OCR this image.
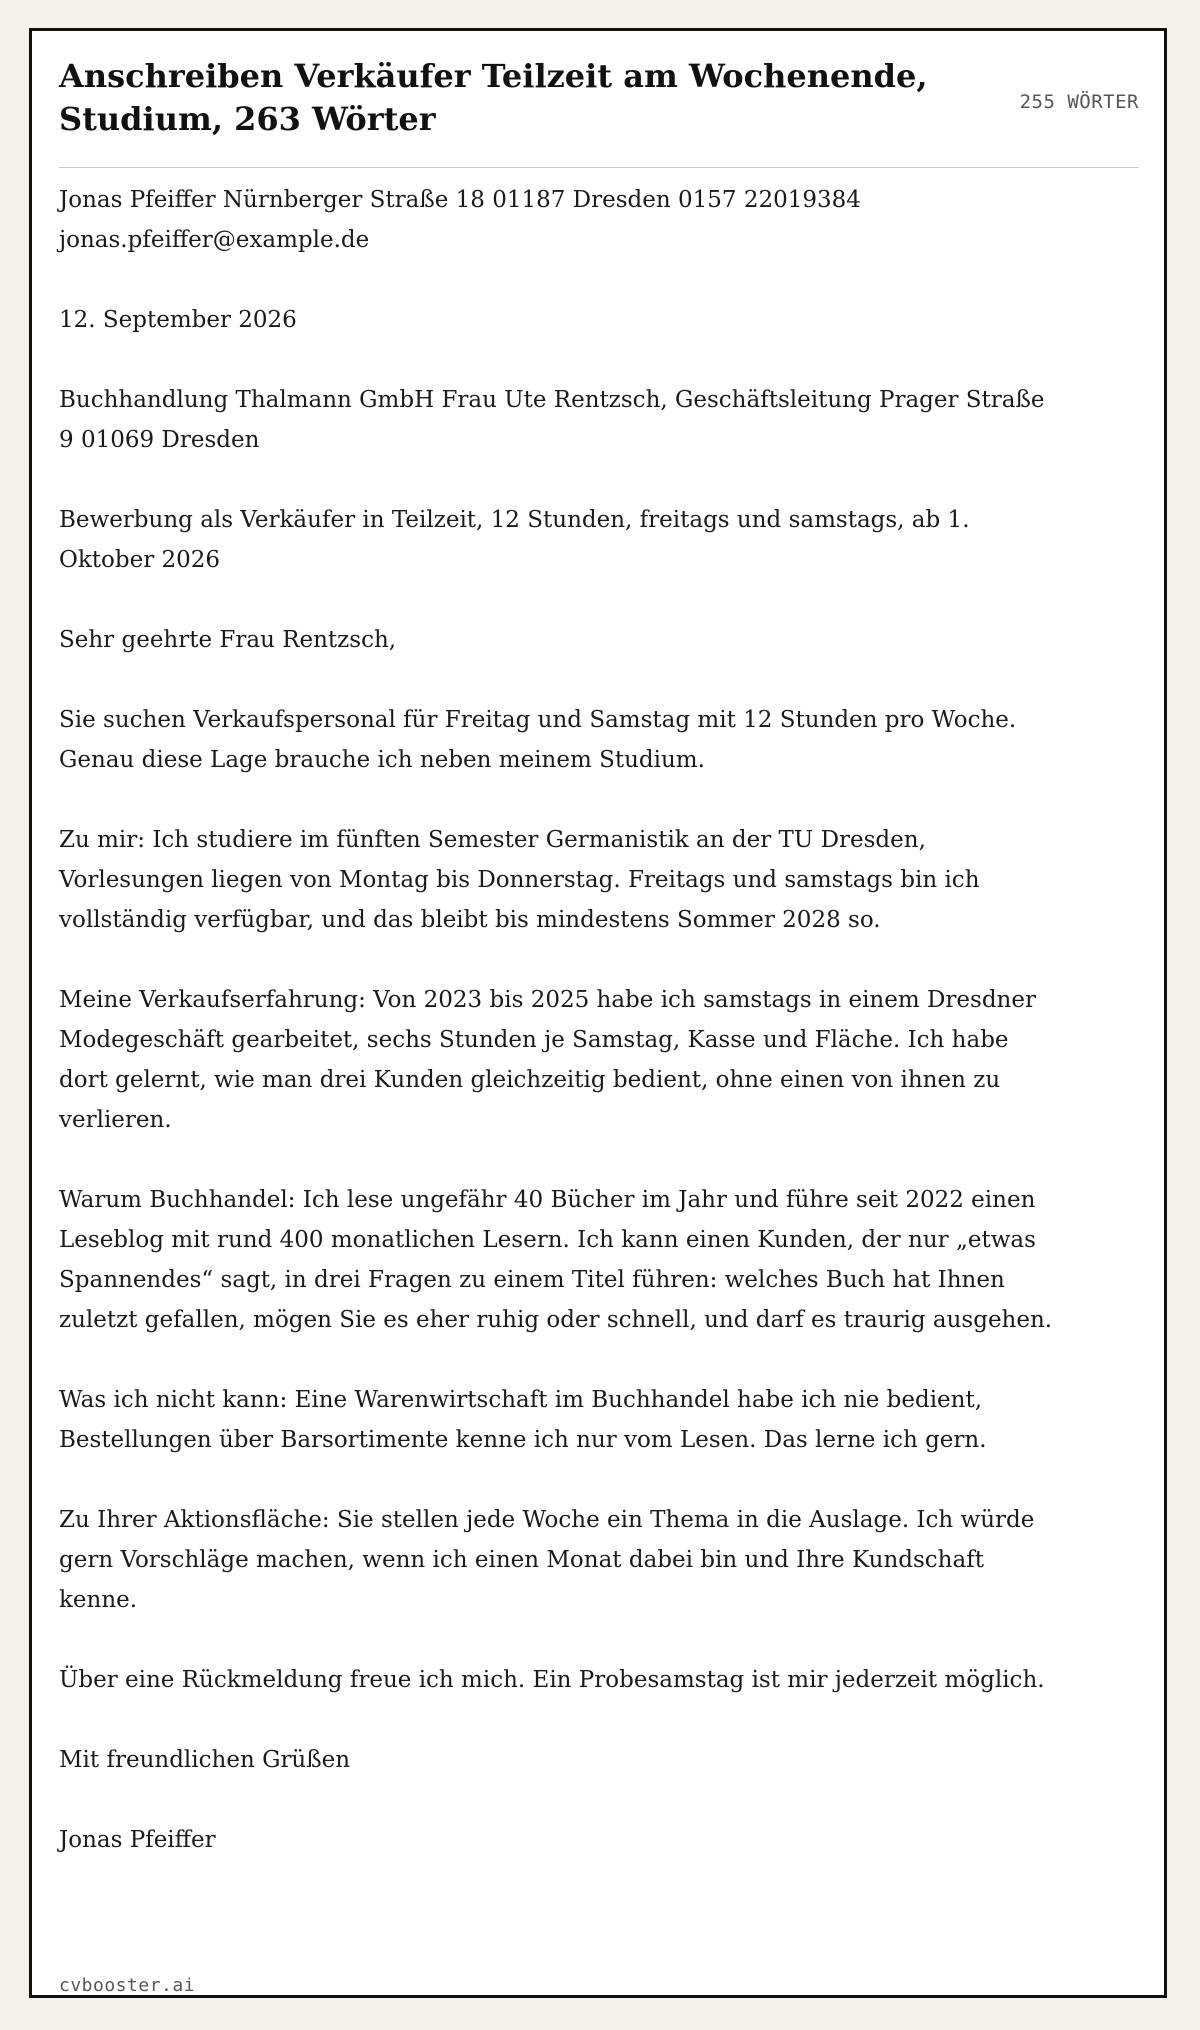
Anschreiben Verkäufer Teilzeit am Wochenende, Studium, 263 Wörter	255 WÖRTER

Jonas Pfeiffer Nürnberger Straße 18 01187 Dresden 0157 22019384 jonas.pfeiffer@example.de

12. September 2026

Buchhandlung Thalmann GmbH Frau Ute Rentzsch, Geschäftsleitung Prager Straße 9 01069 Dresden

Bewerbung als Verkäufer in Teilzeit, 12 Stunden, freitags und samstags, ab 1. Oktober 2026

Sehr geehrte Frau Rentzsch,

Sie suchen Verkaufspersonal für Freitag und Samstag mit 12 Stunden pro Woche. Genau diese Lage brauche ich neben meinem Studium.

Zu mir: Ich studiere im fünften Semester Germanistik an der TU Dresden, Vorlesungen liegen von Montag bis Donnerstag. Freitags und samstags bin ich vollständig verfügbar, und das bleibt bis mindestens Sommer 2028 so.

Meine Verkaufserfahrung: Von 2023 bis 2025 habe ich samstags in einem Dresdner Modegeschäft gearbeitet, sechs Stunden je Samstag, Kasse und Fläche. Ich habe dort gelernt, wie man drei Kunden gleichzeitig bedient, ohne einen von ihnen zu verlieren.

Warum Buchhandel: Ich lese ungefähr 40 Bücher im Jahr und führe seit 2022 einen Leseblog mit rund 400 monatlichen Lesern. Ich kann einen Kunden, der nur „etwas Spannendes“ sagt, in drei Fragen zu einem Titel führen: welches Buch hat Ihnen zuletzt gefallen, mögen Sie es eher ruhig oder schnell, und darf es traurig ausgehen.

Was ich nicht kann: Eine Warenwirtschaft im Buchhandel habe ich nie bedient, Bestellungen über Barsortimente kenne ich nur vom Lesen. Das lerne ich gern.

Zu Ihrer Aktionsfläche: Sie stellen jede Woche ein Thema in die Auslage. Ich würde gern Vorschläge machen, wenn ich einen Monat dabei bin und Ihre Kundschaft kenne.

Über eine Rückmeldung freue ich mich. Ein Probesamstag ist mir jederzeit möglich.

Mit freundlichen Grüßen

Jonas Pfeiffer

cvbooster.ai
